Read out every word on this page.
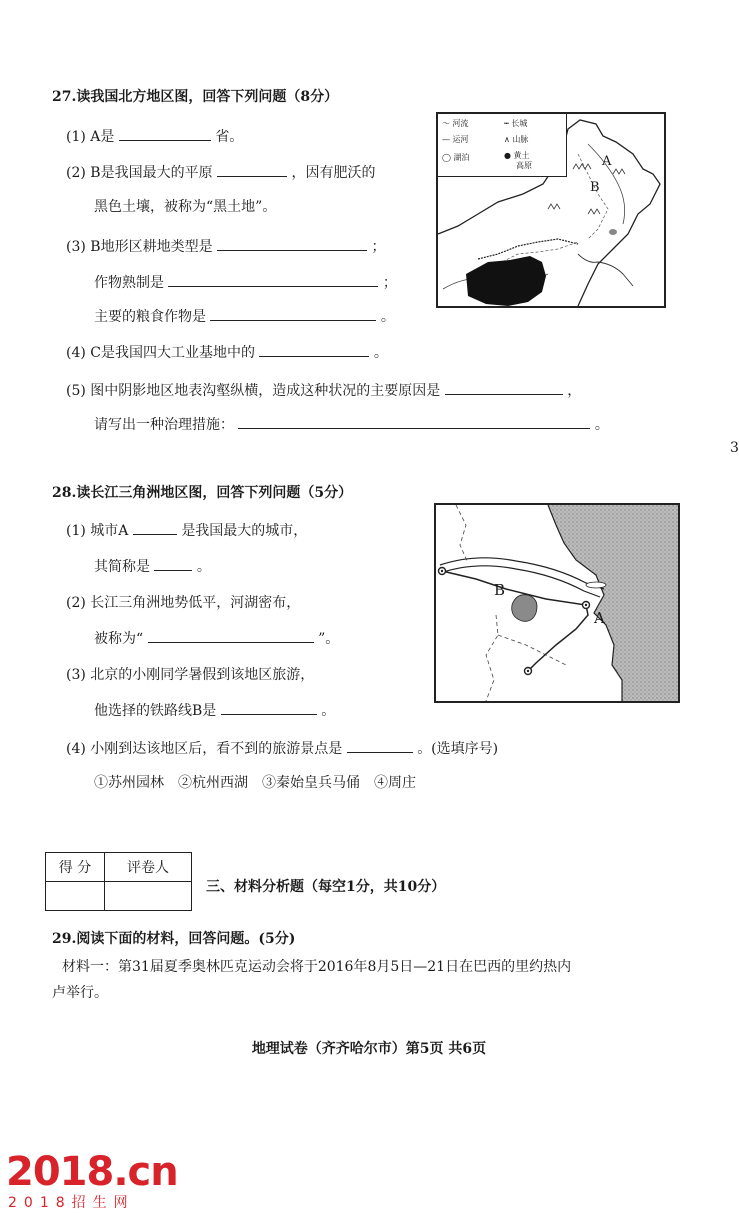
27.读我国北方地区图，回答下列问题（8分）
(1) A是	省。
(2) B是我国最大的平原	，因有肥沃的
黑色土壤，被称为“黑土地”。
(3) B地形区耕地类型是	；
作物熟制是	；
主要的粮食作物是	。
(4) C是我国四大工业基地中的	。
(5) 图中阴影地区地表沟壑纵横，造成这种状况的主要原因是	，
请写出一种治理措施：	。
〜 河流	┅ 长城
— 运河	∧ 山脉
◯ 湖泊	● 黄土
高原	A
B
3
28.读长江三角洲地区图，回答下列问题（5分）
(1) 城市A	是我国最大的城市，
其简称是	。
(2) 长江三角洲地势低平，河湖密布，
被称为“	”。
(3) 北京的小刚同学暑假到该地区旅游，
他选择的铁路线B是	。
(4) 小刚到达该地区后，看不到的旅游景点是	。(选填序号)
①苏州园林　②杭州西湖　③秦始皇兵马俑　④周庄
B
A
得 分	评卷人

三、材料分析题（每空1分，共10分）
29.阅读下面的材料，回答问题。(5分)
材料一：第31届夏季奥林匹克运动会将于2016年8月5日—21日在巴西的里约热内
卢举行。
地理试卷（齐齐哈尔市）第5页 共6页
2018.cn
2018招生网
